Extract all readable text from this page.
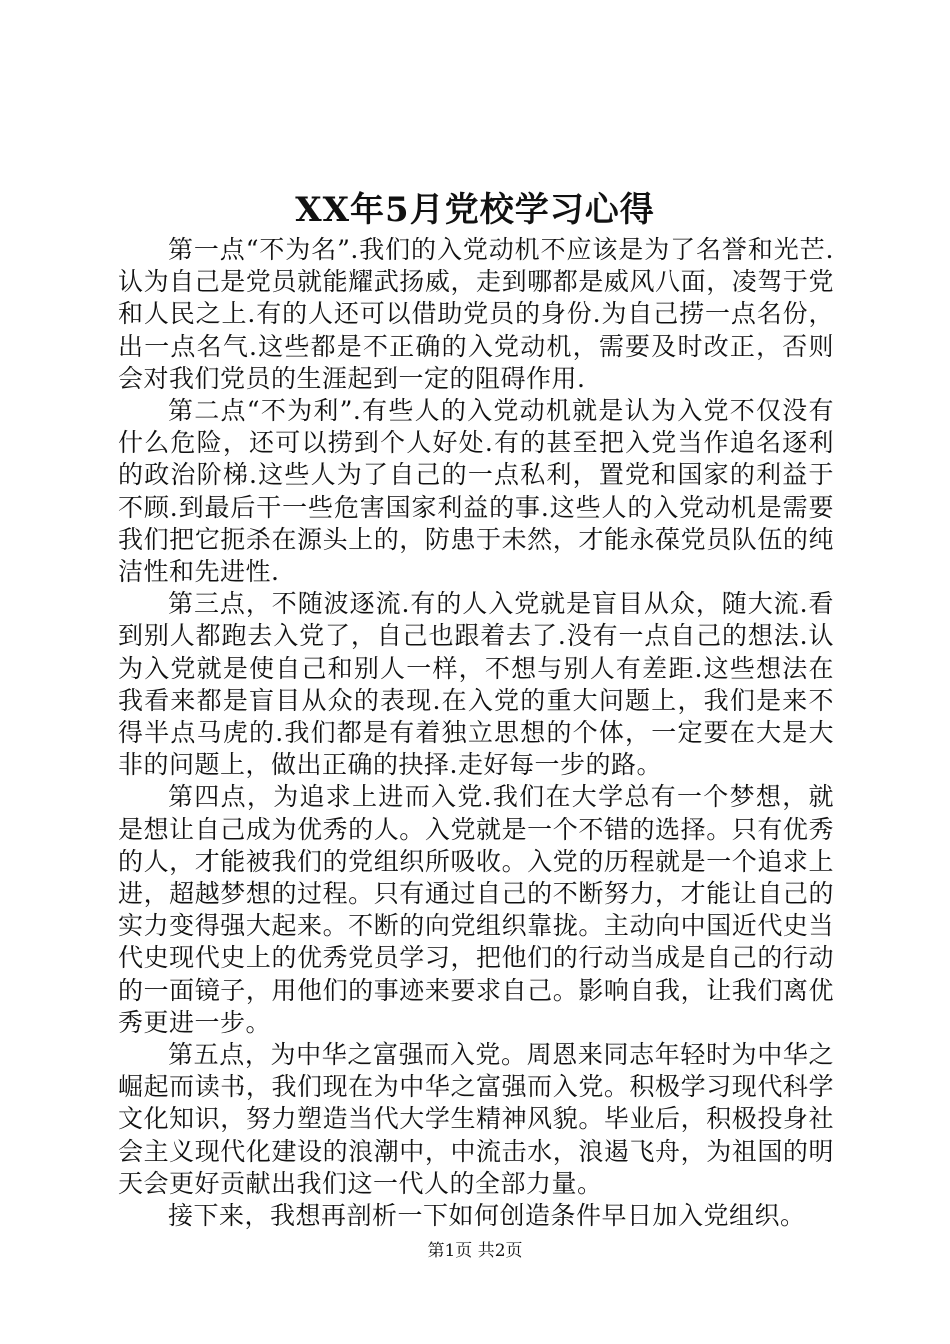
XX年5月党校学习心得

第一点“不为名”.我们的入党动机不应该是为了名誉和光芒.认为自己是党员就能耀武扬威，走到哪都是威风八面，凌驾于党和人民之上.有的人还可以借助党员的身份.为自己捞一点名份，出一点名气.这些都是不正确的入党动机，需要及时改正，否则会对我们党员的生涯起到一定的阻碍作用.

第二点“不为利”.有些人的入党动机就是认为入党不仅没有什么危险，还可以捞到个人好处.有的甚至把入党当作追名逐利的政治阶梯.这些人为了自己的一点私利，置党和国家的利益于不顾.到最后干一些危害国家利益的事.这些人的入党动机是需要我们把它扼杀在源头上的，防患于未然，才能永葆党员队伍的纯洁性和先进性.

第三点，不随波逐流.有的人入党就是盲目从众，随大流.看到别人都跑去入党了，自己也跟着去了.没有一点自己的想法.认为入党就是使自己和别人一样，不想与别人有差距.这些想法在我看来都是盲目从众的表现.在入党的重大问题上，我们是来不得半点马虎的.我们都是有着独立思想的个体，一定要在大是大非的问题上，做出正确的抉择.走好每一步的路。

第四点，为追求上进而入党.我们在大学总有一个梦想，就是想让自己成为优秀的人。入党就是一个不错的选择。只有优秀的人，才能被我们的党组织所吸收。入党的历程就是一个追求上进，超越梦想的过程。只有通过自己的不断努力，才能让自己的实力变得强大起来。不断的向党组织靠拢。主动向中国近代史当代史现代史上的优秀党员学习，把他们的行动当成是自己的行动的一面镜子，用他们的事迹来要求自己。影响自我，让我们离优秀更进一步。

第五点，为中华之富强而入党。周恩来同志年轻时为中华之崛起而读书，我们现在为中华之富强而入党。积极学习现代科学文化知识，努力塑造当代大学生精神风貌。毕业后，积极投身社会主义现代化建设的浪潮中，中流击水，浪遏飞舟，为祖国的明天会更好贡献出我们这一代人的全部力量。

接下来，我想再剖析一下如何创造条件早日加入党组织。

第1页 共2页
